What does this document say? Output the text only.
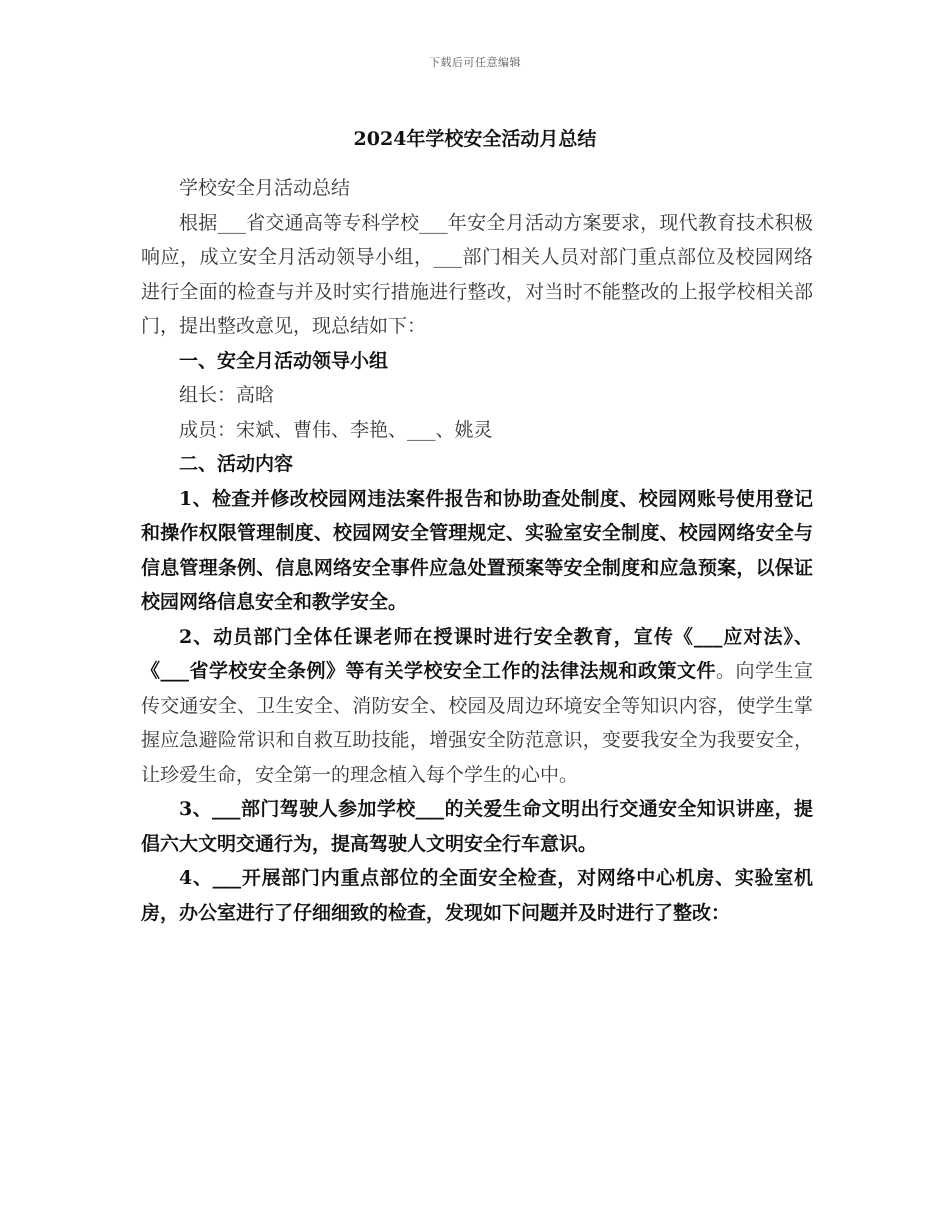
下载后可任意编辑
2024年学校安全活动月总结

学校安全月活动总结

根据___省交通高等专科学校___年安全月活动方案要求，现代教育技术积极响应，成立安全月活动领导小组，___部门相关人员对部门重点部位及校园网络进行全面的检查与并及时实行措施进行整改，对当时不能整改的上报学校相关部门，提出整改意见，现总结如下：

一、安全月活动领导小组

组长：高晗

成员：宋斌、曹伟、李艳、___、姚灵

二、活动内容

1、检查并修改校园网违法案件报告和协助查处制度、校园网账号使用登记和操作权限管理制度、校园网安全管理规定、实验室安全制度、校园网络安全与信息管理条例、信息网络安全事件应急处置预案等安全制度和应急预案，以保证校园网络信息安全和教学安全。

2、动员部门全体任课老师在授课时进行安全教育，宣传《___应对法》、《___省学校安全条例》等有关学校安全工作的法律法规和政策文件。向学生宣传交通安全、卫生安全、消防安全、校园及周边环境安全等知识内容，使学生掌握应急避险常识和自救互助技能，增强安全防范意识，变要我安全为我要安全，让珍爱生命，安全第一的理念植入每个学生的心中。

3、___部门驾驶人参加学校___的关爱生命文明出行交通安全知识讲座，提倡六大文明交通行为，提高驾驶人文明安全行车意识。

4、___开展部门内重点部位的全面安全检查，对网络中心机房、实验室机房，办公室进行了仔细细致的检查，发现如下问题并及时进行了整改：
